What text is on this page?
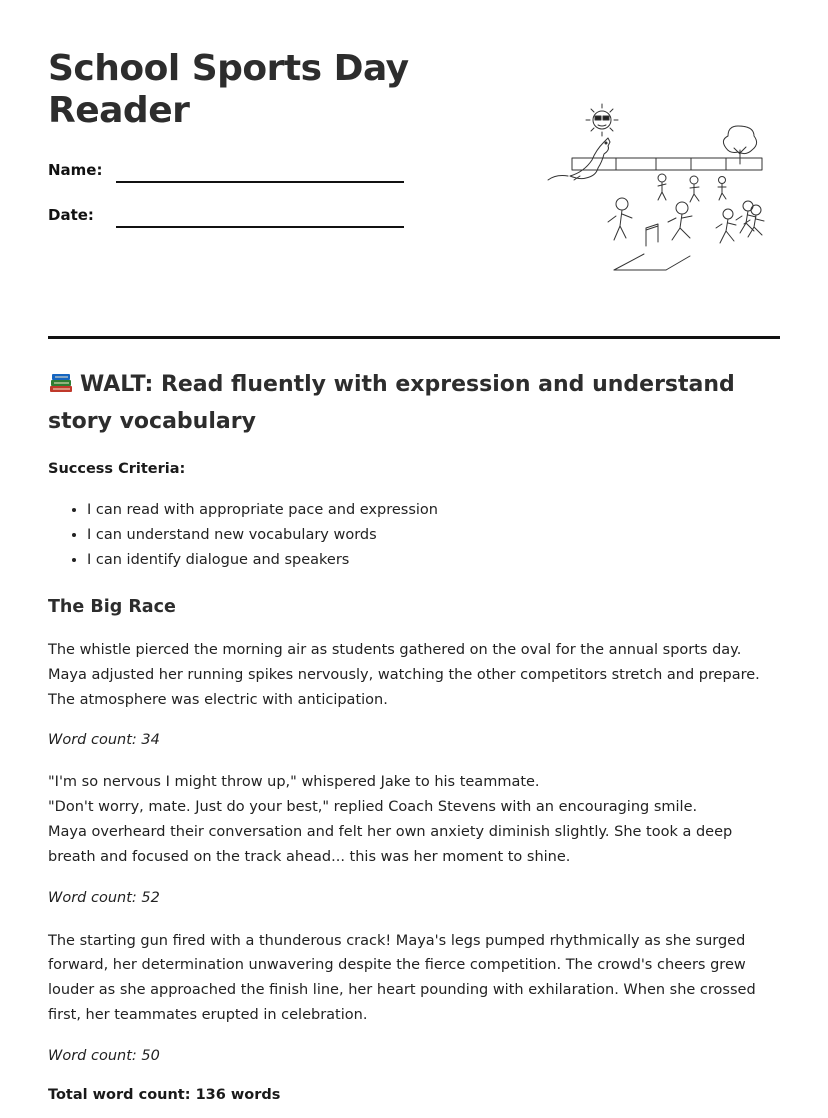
School Sports Day Reader
Name:
Date:
WALT: Read fluently with expression and understand story vocabulary

Success Criteria:

• I can read with appropriate pace and expression
• I can understand new vocabulary words
• I can identify dialogue and speakers
The Big Race

The whistle pierced the morning air as students gathered on the oval for the annual sports day. Maya adjusted her running spikes nervously, watching the other competitors stretch and prepare. The atmosphere was electric with anticipation.

Word count: 34

"I'm so nervous I might throw up," whispered Jake to his teammate.

"Don't worry, mate. Just do your best," replied Coach Stevens with an encouraging smile.

Maya overheard their conversation and felt her own anxiety diminish slightly. She took a deep breath and focused on the track ahead... this was her moment to shine.

Word count: 52

The starting gun fired with a thunderous crack! Maya's legs pumped rhythmically as she surged forward, her determination unwavering despite the fierce competition. The crowd's cheers grew louder as she approached the finish line, her heart pounding with exhilaration. When she crossed first, her teammates erupted in celebration.

Word count: 50

Total word count: 136 words
